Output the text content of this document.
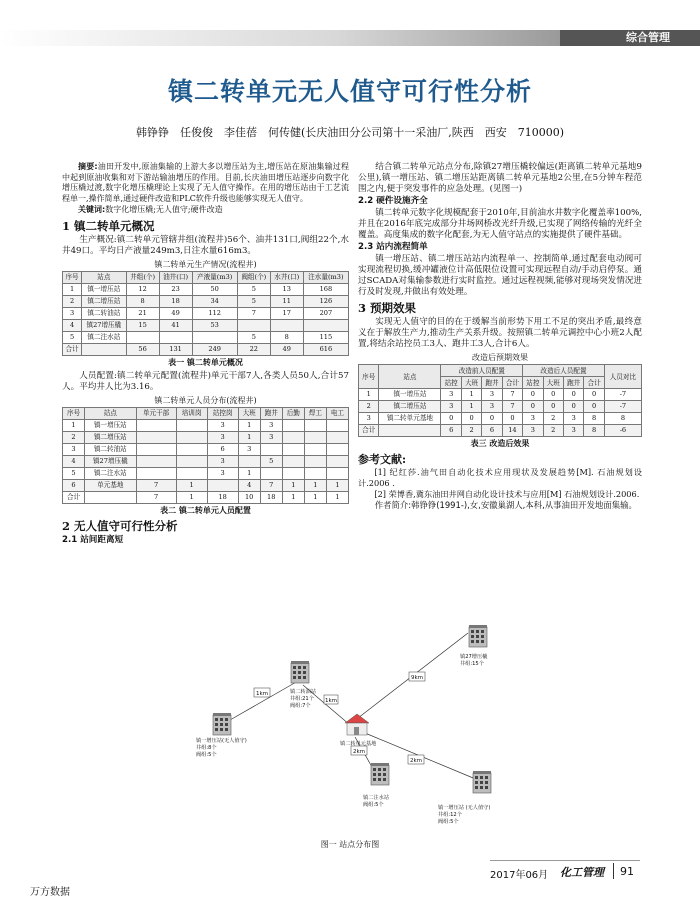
综合管理
镇二转单元无人值守可行性分析
韩铮铮　任俊俊　李佳蓓　何传健(长庆油田分公司第十一采油厂,陕西　西安　710000)

摘要:油田开发中,原油集输的上游大多以增压站为主,增压站在原油集输过程中起到原油收集和对下游站输油增压的作用。目前,长庆油田增压站逐步向数字化增压橇过渡,数字化增压橇理论上实现了无人值守操作。在用的增压站由于工艺流程单一,操作简单,通过硬件改造和PLC软件升级也能够实现无人值守。

关键词:数字化增压橇;无人值守;硬件改造

1 镇二转单元概况

生产概况:镇二转单元管辖井组(流程井)56个、油井131口,阀组22个,水井49口。平均日产液量249m3,日注水量616m3。

镇二转单元生产情况(流程井)
序号	站点	井组(个)	油井(口)	产液量(m3)	阀组(个)	水井(口)	注水量(m3)
1	镇一增压站	12	23	50	5	13	168
2	镇二增压站	8	18	34	5	11	126
3	镇二转油站	21	49	112	7	17	207
4	镇27增压橇	15	41	53			
5	镇二注水站				5	8	115
合计		56	131	249	22	49	616
表一 镇二转单元概况

人员配置:镇二转单元配置(流程井)单元干部7人,各类人员50人,合计57人。平均井人比为3.16。

镇二转单元人员分布(流程井)
序号	站点	单元干部	培训岗	站控岗	大班	跑井	后勤	焊工	电工
1	镇一增压站			3	1	3			
2	镇二增压站			3	1	3			
3	镇二转油站			6	3				
4	镇27增压橇			3		5			
5	镇二注水站			3	1				
6	单元基地	7	1		4	7	1	1	1
合计		7	1	18	10	18	1	1	1
表二 镇二转单元人员配置
2 无人值守可行性分析
2.1 站间距离短

结合镇二转单元站点分布,除镇27增压橇较偏远(距离镇二转单元基地9公里),镇一增压站、镇二增压站距离镇二转单元基地2公里,在5分钟车程范围之内,便于突发事件的应急处理。(见图一)

2.2 硬件设施齐全

镇二转单元数字化规模配套于2010年,目前油水井数字化覆盖率100%,并且在2016年底完成部分井场网桥改光纤升级,已实现了网络传输的光纤全覆盖。高度集成的数字化配套,为无人值守站点的实施提供了硬件基础。

2.3 站内流程简单

镇一增压站、镇二增压站站内流程单一、控制简单,通过配套电动阀可实现流程切换,缓冲罐液位计高低限位设置可实现远程自动/手动启停泵。通过SCADA对集输参数进行实时监控。通过远程视频,能够对现场突发情况进行及时发现,并做出有效处理。

3 预期效果

实现无人值守的目的在于缓解当前形势下用工不足的突出矛盾,最终意义在于解放生产力,推动生产关系升级。按照镇二转单元调控中心小班2人配置,将结余站控员工3人、跑井工3人,合计6人。

改造后预期效果
序号	站点	改造前人员配置				改造后人员配置				人员对比
		站控	大班	跑井	合计	站控	大班	跑井	合计	
1	镇一增压站	3	1	3	7	0	0	0	0	-7
2	镇二增压站	3	1	3	7	0	0	0	0	-7
3	镇二转单元基地	0	0	0	0	3	2	3	8	8
合计		6	2	6	14	3	2	3	8	-6
表三 改造后效果
参考文献:

[1] 纪红莎.油气田自动化技术应用现状及发展趋势[M]. 石油规划设计.2006 .

[2] 荣博香,冀东油田井网自动化设计技术与应用[M] 石油规划设计.2006.

作者简介:韩铮铮(1991-),女,安徽巢湖人,本科,从事油田开发地面集输。

1km
9km
1km
2km
2km
镇27增压橇
井组:15个
镇二转油站
井组:21个
阀组:7个
镇一增压站(无人值守)
井组:8个
阀组:5个
镇二转单元基地
镇二注水站
阀组:5个	镇一增压站 (无人值守)
井组:12个
阀组:5个
图一 站点分布图
2017年06月 化工管理 91
万方数据
